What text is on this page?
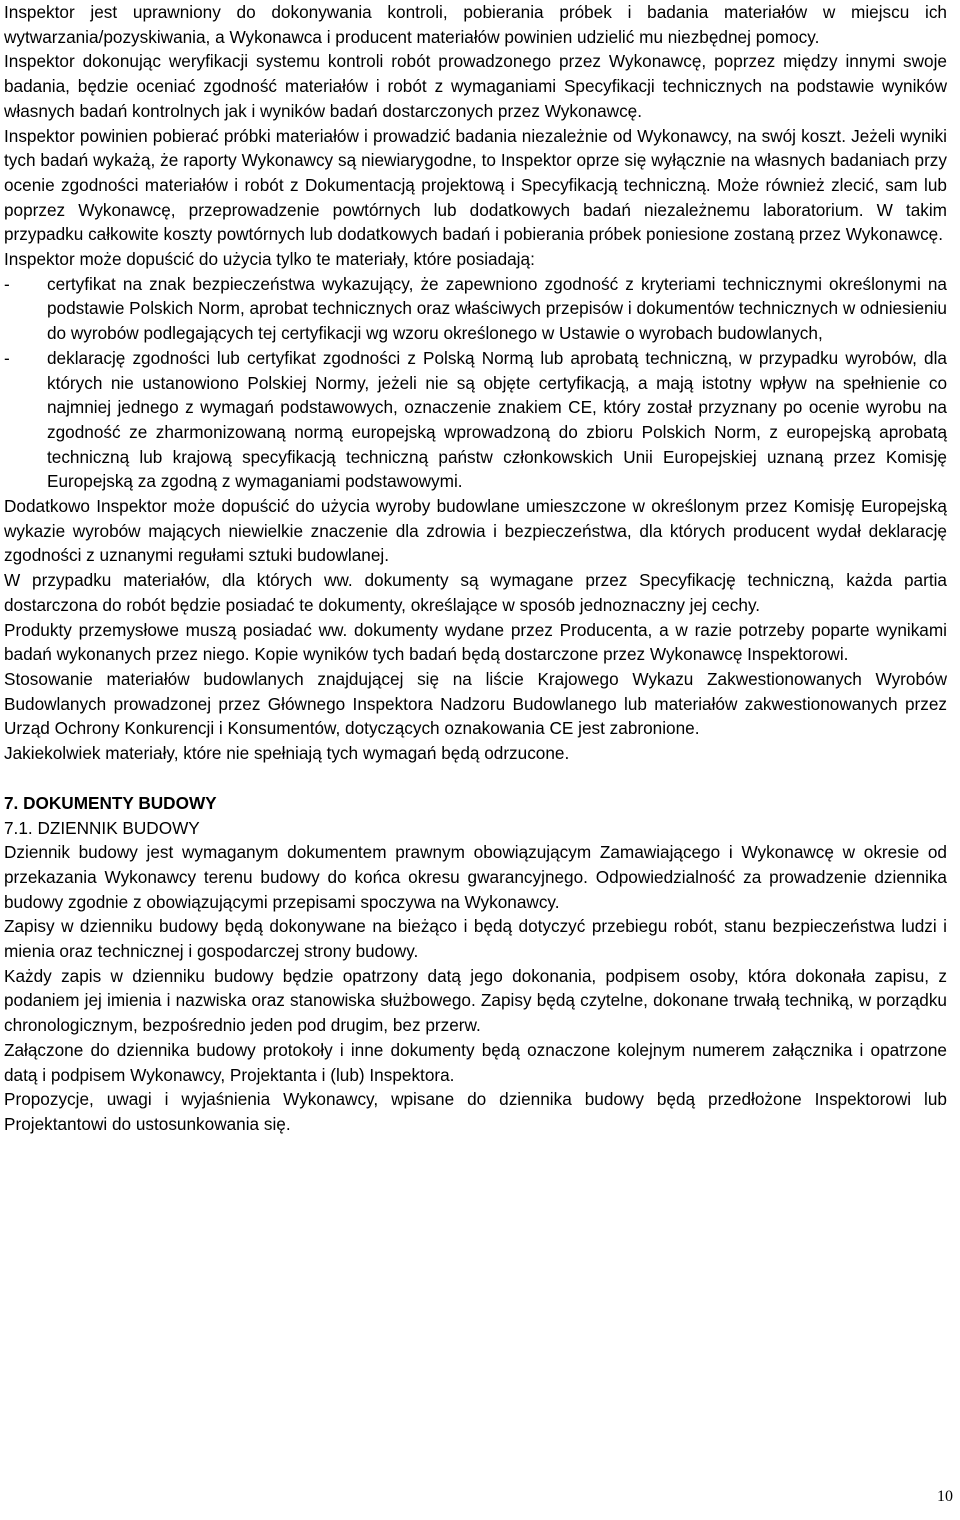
Inspektor jest uprawniony do dokonywania kontroli, pobierania próbek i badania materiałów w miejscu ich wytwarzania/pozyskiwania, a Wykonawca i producent materiałów powinien udzielić mu niezbędnej pomocy.

Inspektor dokonując weryfikacji systemu kontroli robót prowadzonego przez Wykonawcę, poprzez między innymi swoje badania, będzie oceniać zgodność materiałów i robót z wymaganiami Specyfikacji technicznych na podstawie wyników własnych badań kontrolnych jak i wyników badań dostarczonych przez Wykonawcę.

Inspektor powinien pobierać próbki materiałów i prowadzić badania niezależnie od Wykonawcy, na swój koszt. Jeżeli wyniki tych badań wykażą, że raporty Wykonawcy są niewiarygodne, to Inspektor oprze się wyłącznie na własnych badaniach przy ocenie zgodności materiałów i robót z Dokumentacją projektową i Specyfikacją techniczną. Może również zlecić, sam lub poprzez Wykonawcę, przeprowadzenie powtórnych lub dodatkowych badań niezależnemu laboratorium. W takim przypadku całkowite koszty powtórnych lub dodatkowych badań i pobierania próbek poniesione zostaną przez Wykonawcę.

Inspektor może dopuścić do użycia tylko te materiały, które posiadają:

- certyfikat na znak bezpieczeństwa wykazujący, że zapewniono zgodność z kryteriami technicznymi określonymi na podstawie Polskich Norm, aprobat technicznych oraz właściwych przepisów i dokumentów technicznych w odniesieniu do wyrobów podlegających tej certyfikacji wg wzoru określonego w Ustawie o wyrobach budowlanych,
- deklarację zgodności lub certyfikat zgodności z Polską Normą lub aprobatą techniczną, w przypadku wyrobów, dla których nie ustanowiono Polskiej Normy, jeżeli nie są objęte certyfikacją, a mają istotny wpływ na spełnienie co najmniej jednego z wymagań podstawowych, oznaczenie znakiem CE, który został przyznany po ocenie wyrobu na zgodność ze zharmonizowaną normą europejską wprowadzoną do zbioru Polskich Norm, z europejską aprobatą techniczną lub krajową specyfikacją techniczną państw członkowskich Unii Europejskiej uznaną przez Komisję Europejską za zgodną z wymaganiami podstawowymi.

Dodatkowo Inspektor może dopuścić do użycia wyroby budowlane umieszczone w określonym przez Komisję Europejską wykazie wyrobów mających niewielkie znaczenie dla zdrowia i bezpieczeństwa, dla których producent wydał deklarację zgodności z uznanymi regułami sztuki budowlanej.

W przypadku materiałów, dla których ww. dokumenty są wymagane przez Specyfikację techniczną, każda partia dostarczona do robót będzie posiadać te dokumenty, określające w sposób jednoznaczny jej cechy.

Produkty przemysłowe muszą posiadać ww. dokumenty wydane przez Producenta, a w razie potrzeby poparte wynikami badań wykonanych przez niego. Kopie wyników tych badań będą dostarczone przez Wykonawcę Inspektorowi.

Stosowanie materiałów budowlanych znajdującej się na liście Krajowego Wykazu Zakwestionowanych Wyrobów Budowlanych prowadzonej przez Głównego Inspektora Nadzoru Budowlanego lub materiałów zakwestionowanych przez Urząd Ochrony Konkurencji i Konsumentów, dotyczących oznakowania CE jest zabronione.

Jakiekolwiek materiały, które nie spełniają tych wymagań będą odrzucone.

7. DOKUMENTY BUDOWY

7.1. DZIENNIK BUDOWY

Dziennik budowy jest wymaganym dokumentem prawnym obowiązującym Zamawiającego i Wykonawcę w okresie od przekazania Wykonawcy terenu budowy do końca okresu gwarancyjnego. Odpowiedzialność za prowadzenie dziennika budowy zgodnie z obowiązującymi przepisami spoczywa na Wykonawcy.

Zapisy w dzienniku budowy będą dokonywane na bieżąco i będą dotyczyć przebiegu robót, stanu bezpieczeństwa ludzi i mienia oraz technicznej i gospodarczej strony budowy.

Każdy zapis w dzienniku budowy będzie opatrzony datą jego dokonania, podpisem osoby, która dokonała zapisu, z podaniem jej imienia i nazwiska oraz stanowiska służbowego. Zapisy będą czytelne, dokonane trwałą techniką, w porządku chronologicznym, bezpośrednio jeden pod drugim, bez przerw.

Załączone do dziennika budowy protokoły i inne dokumenty będą oznaczone kolejnym numerem załącznika i opatrzone datą i podpisem Wykonawcy, Projektanta i (lub) Inspektora.

Propozycje, uwagi i wyjaśnienia Wykonawcy, wpisane do dziennika budowy będą przedłożone Inspektorowi lub Projektantowi do ustosunkowania się.

10
